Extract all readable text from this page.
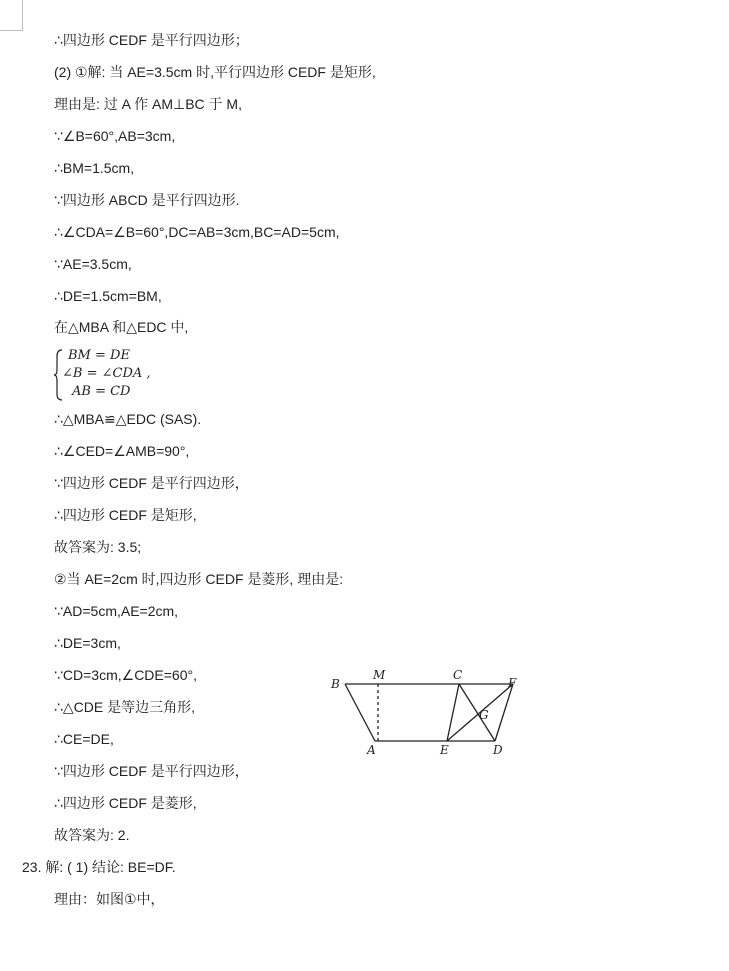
∴四边形 CEDF 是平行四边形；
(2) ①解: 当 AE=3.5cm 时,平行四边形 CEDF 是矩形,
理由是: 过 A 作 AM⊥BC 于 M,
∵∠B=60°,AB=3cm,
∴BM=1.5cm,
∵四边形 ABCD 是平行四边形.
∴∠CDA=∠B=60°,DC=AB=3cm,BC=AD=5cm,
∵AE=3.5cm,
∴DE=1.5cm=BM,
在△MBA 和△EDC 中,
BM = DE
∠B = ∠CDA ,
AB = CD
∴△MBA≌△EDC (SAS).
∴∠CED=∠AMB=90°,
∵四边形 CEDF 是平行四边形，
∴四边形 CEDF 是矩形,
故答案为: 3.5;
②当 AE=2cm 时,四边形 CEDF 是菱形, 理由是:
∵AD=5cm,AE=2cm,
∴DE=3cm,
∵CD=3cm,∠CDE=60°,
∴△CDE 是等边三角形,
∴CE=DE,
∵四边形 CEDF 是平行四边形，
∴四边形 CEDF 是菱形,
故答案为: 2.
23. 解: ( 1) 结论: BE=DF.
理由：如图①中，
B
M	C
F
G
A	E	D
